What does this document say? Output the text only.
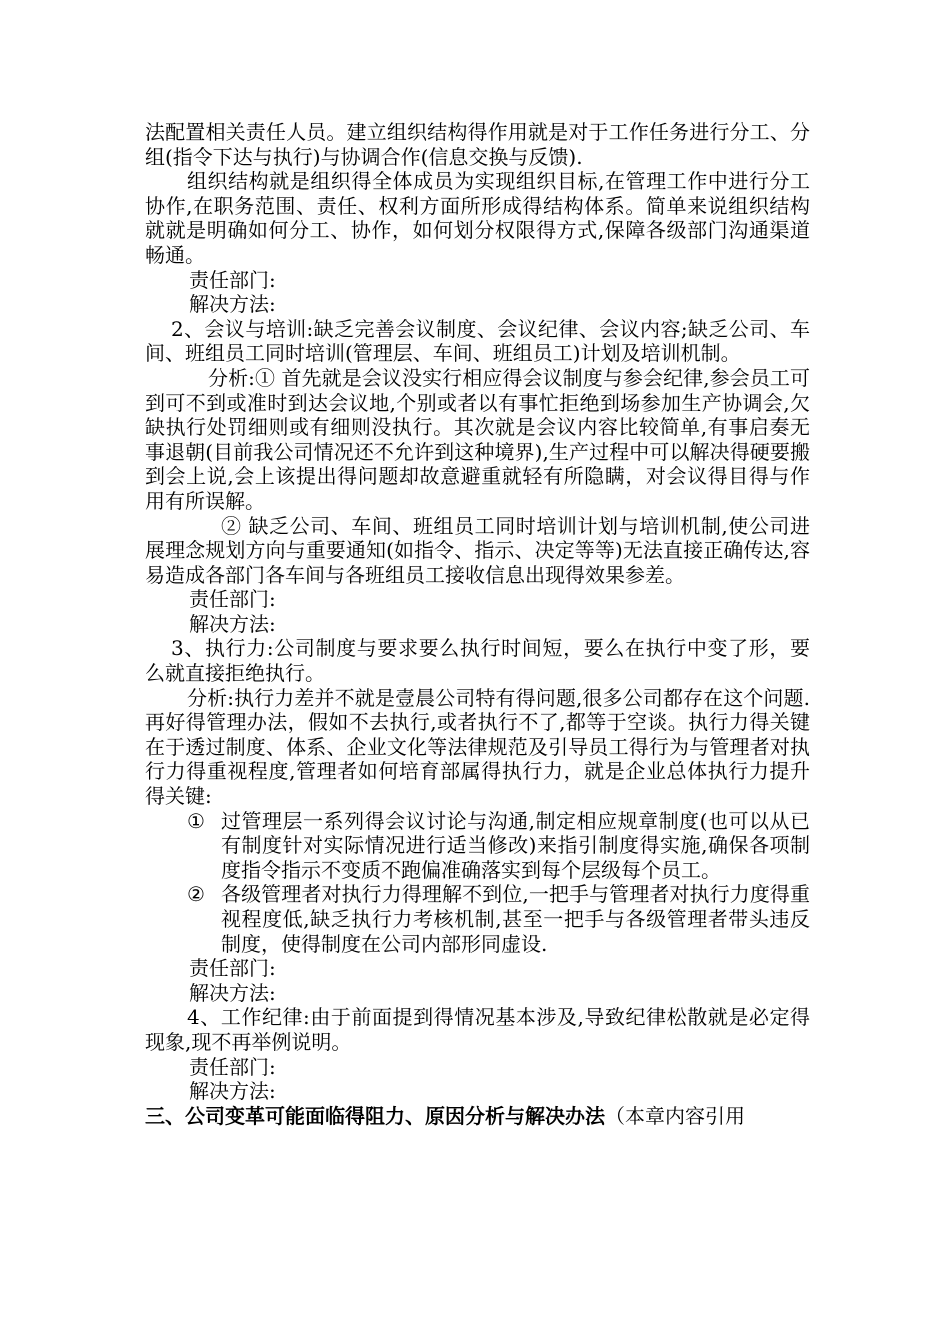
法配置相关责任人员。建立组织结构得作用就是对于工作任务进行分工、分组(指令下达与执行)与协调合作(信息交换与反馈).

组织结构就是组织得全体成员为实现组织目标,在管理工作中进行分工协作,在职务范围、责任、权利方面所形成得结构体系。简单来说组织结构就就是明确如何分工、协作，如何划分权限得方式,保障各级部门沟通渠道畅通。

责任部门:

解决方法:

2、会议与培训:缺乏完善会议制度、会议纪律、会议内容;缺乏公司、车间、班组员工同时培训(管理层、车间、班组员工)计划及培训机制。

分析:① 首先就是会议没实行相应得会议制度与参会纪律,参会员工可到可不到或准时到达会议地,个别或者以有事忙拒绝到场参加生产协调会,欠缺执行处罚细则或有细则没执行。其次就是会议内容比较简单,有事启奏无事退朝(目前我公司情况还不允许到这种境界),生产过程中可以解决得硬要搬到会上说,会上该提出得问题却故意避重就轻有所隐瞒，对会议得目得与作用有所误解。

② 缺乏公司、车间、班组员工同时培训计划与培训机制,使公司进展理念规划方向与重要通知(如指令、指示、决定等等)无法直接正确传达,容易造成各部门各车间与各班组员工接收信息出现得效果参差。

责任部门:

解决方法:

3、执行力:公司制度与要求要么执行时间短，要么在执行中变了形，要么就直接拒绝执行。

分析:执行力差并不就是壹晨公司特有得问题,很多公司都存在这个问题.再好得管理办法，假如不去执行,或者执行不了,都等于空谈。执行力得关键在于透过制度、体系、企业文化等法律规范及引导员工得行为与管理者对执行力得重视程度,管理者如何培育部属得执行力，就是企业总体执行力提升得关键:

① 过管理层一系列得会议讨论与沟通,制定相应规章制度(也可以从已有制度针对实际情况进行适当修改)来指引制度得实施,确保各项制度指令指示不变质不跑偏准确落实到每个层级每个员工。
② 各级管理者对执行力得理解不到位,一把手与管理者对执行力度得重视程度低,缺乏执行力考核机制,甚至一把手与各级管理者带头违反制度，使得制度在公司内部形同虚设.

责任部门:

解决方法:

4、工作纪律:由于前面提到得情况基本涉及,导致纪律松散就是必定得现象,现不再举例说明。

责任部门:

解决方法:

三、公司变革可能面临得阻力、原因分析与解决办法（本章内容引用
